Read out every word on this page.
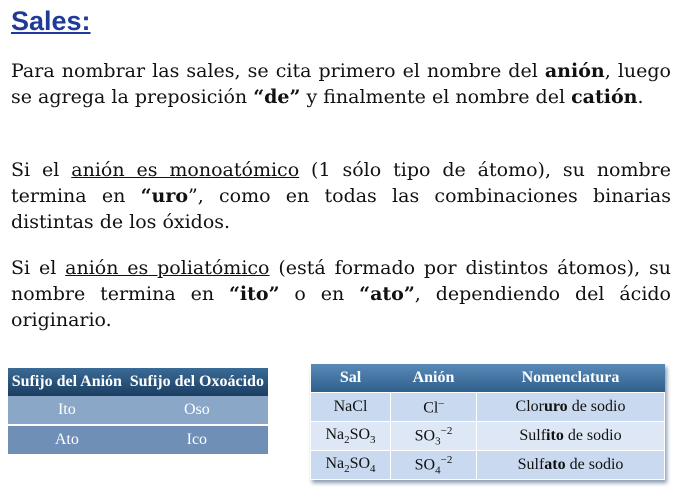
Sales:
Para nombrar las sales, se cita primero el nombre del anión, luego se agrega la preposición “de” y finalmente el nombre del catión.
Si el anión es monoatómico (1 sólo tipo de átomo), su nombre termina en “uro”, como en todas las combinaciones binarias distintas de los óxidos.
Si el anión es poliatómico (está formado por distintos átomos), su nombre termina en “ito” o en “ato”, dependiendo del ácido originario.
Sufijo del Anión	Sufijo del Oxoácido
Ito	Oso
Ato	Ico
Sal	Anión	Nomenclatura
NaCl	Cl–	Cloruro de sodio
$Na_2SO_3$	$SO_3^{-2}$	Sulfito de sodio
$Na_2SO_4$	$SO_4^{-2}$	Sulfato de sodio
